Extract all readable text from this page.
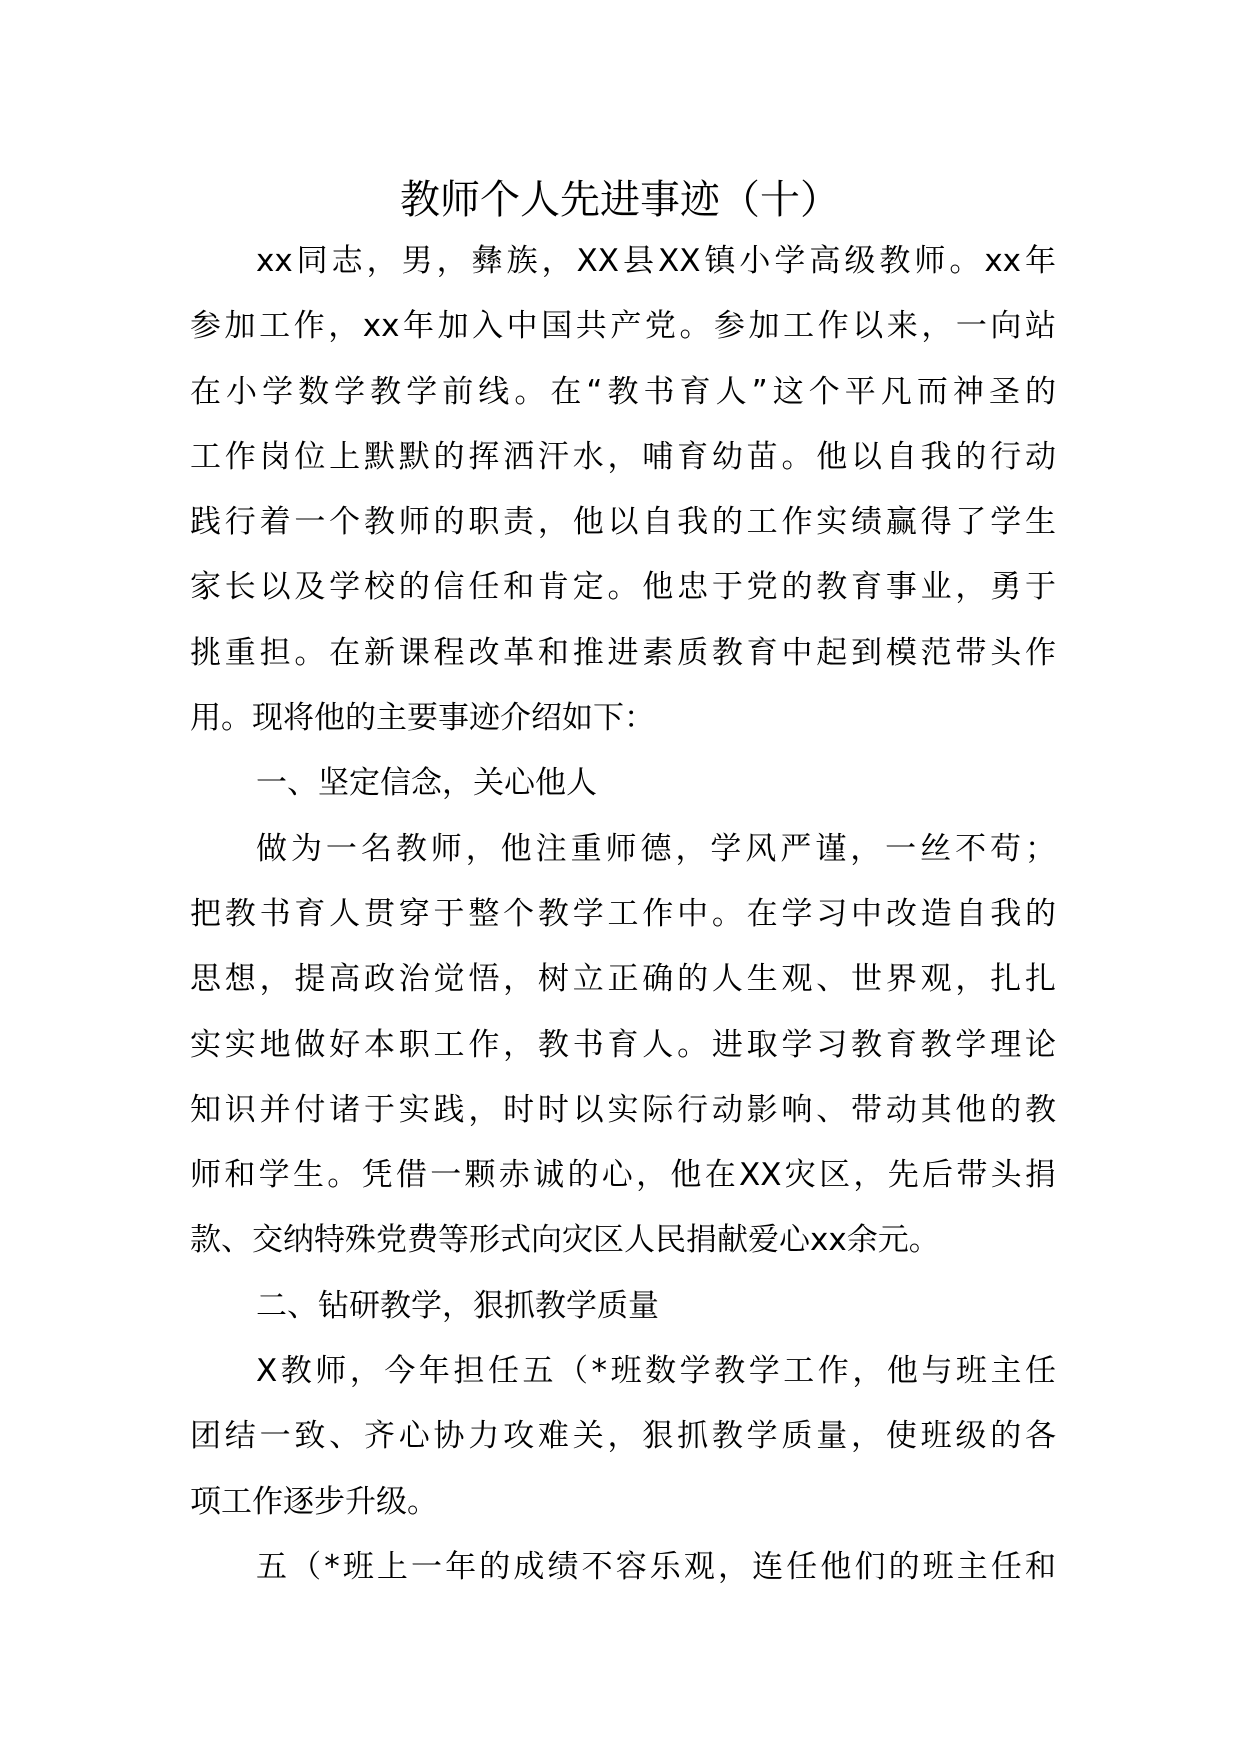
教师个人先进事迹（十）
xx同志，男，彝族，XX县XX镇小学高级教师。xx年
参加工作，xx年加入中国共产党。参加工作以来，一向站
在小学数学教学前线。在“教书育人”这个平凡而神圣的
工作岗位上默默的挥洒汗水，哺育幼苗。他以自我的行动
践行着一个教师的职责，他以自我的工作实绩赢得了学生
家长以及学校的信任和肯定。他忠于党的教育事业，勇于
挑重担。在新课程改革和推进素质教育中起到模范带头作
用。现将他的主要事迹介绍如下：
一、坚定信念，关心他人
做为一名教师，他注重师德，学风严谨，一丝不苟；
把教书育人贯穿于整个教学工作中。在学习中改造自我的
思想，提高政治觉悟，树立正确的人生观、世界观，扎扎
实实地做好本职工作，教书育人。进取学习教育教学理论
知识并付诸于实践，时时以实际行动影响、带动其他的教
师和学生。凭借一颗赤诚的心，他在XX灾区，先后带头捐
款、交纳特殊党费等形式向灾区人民捐献爱心xx余元。
二、钻研教学，狠抓教学质量
X教师，今年担任五（*班数学教学工作，他与班主任
团结一致、齐心协力攻难关，狠抓教学质量，使班级的各
项工作逐步升级。
五（*班上一年的成绩不容乐观，连任他们的班主任和
